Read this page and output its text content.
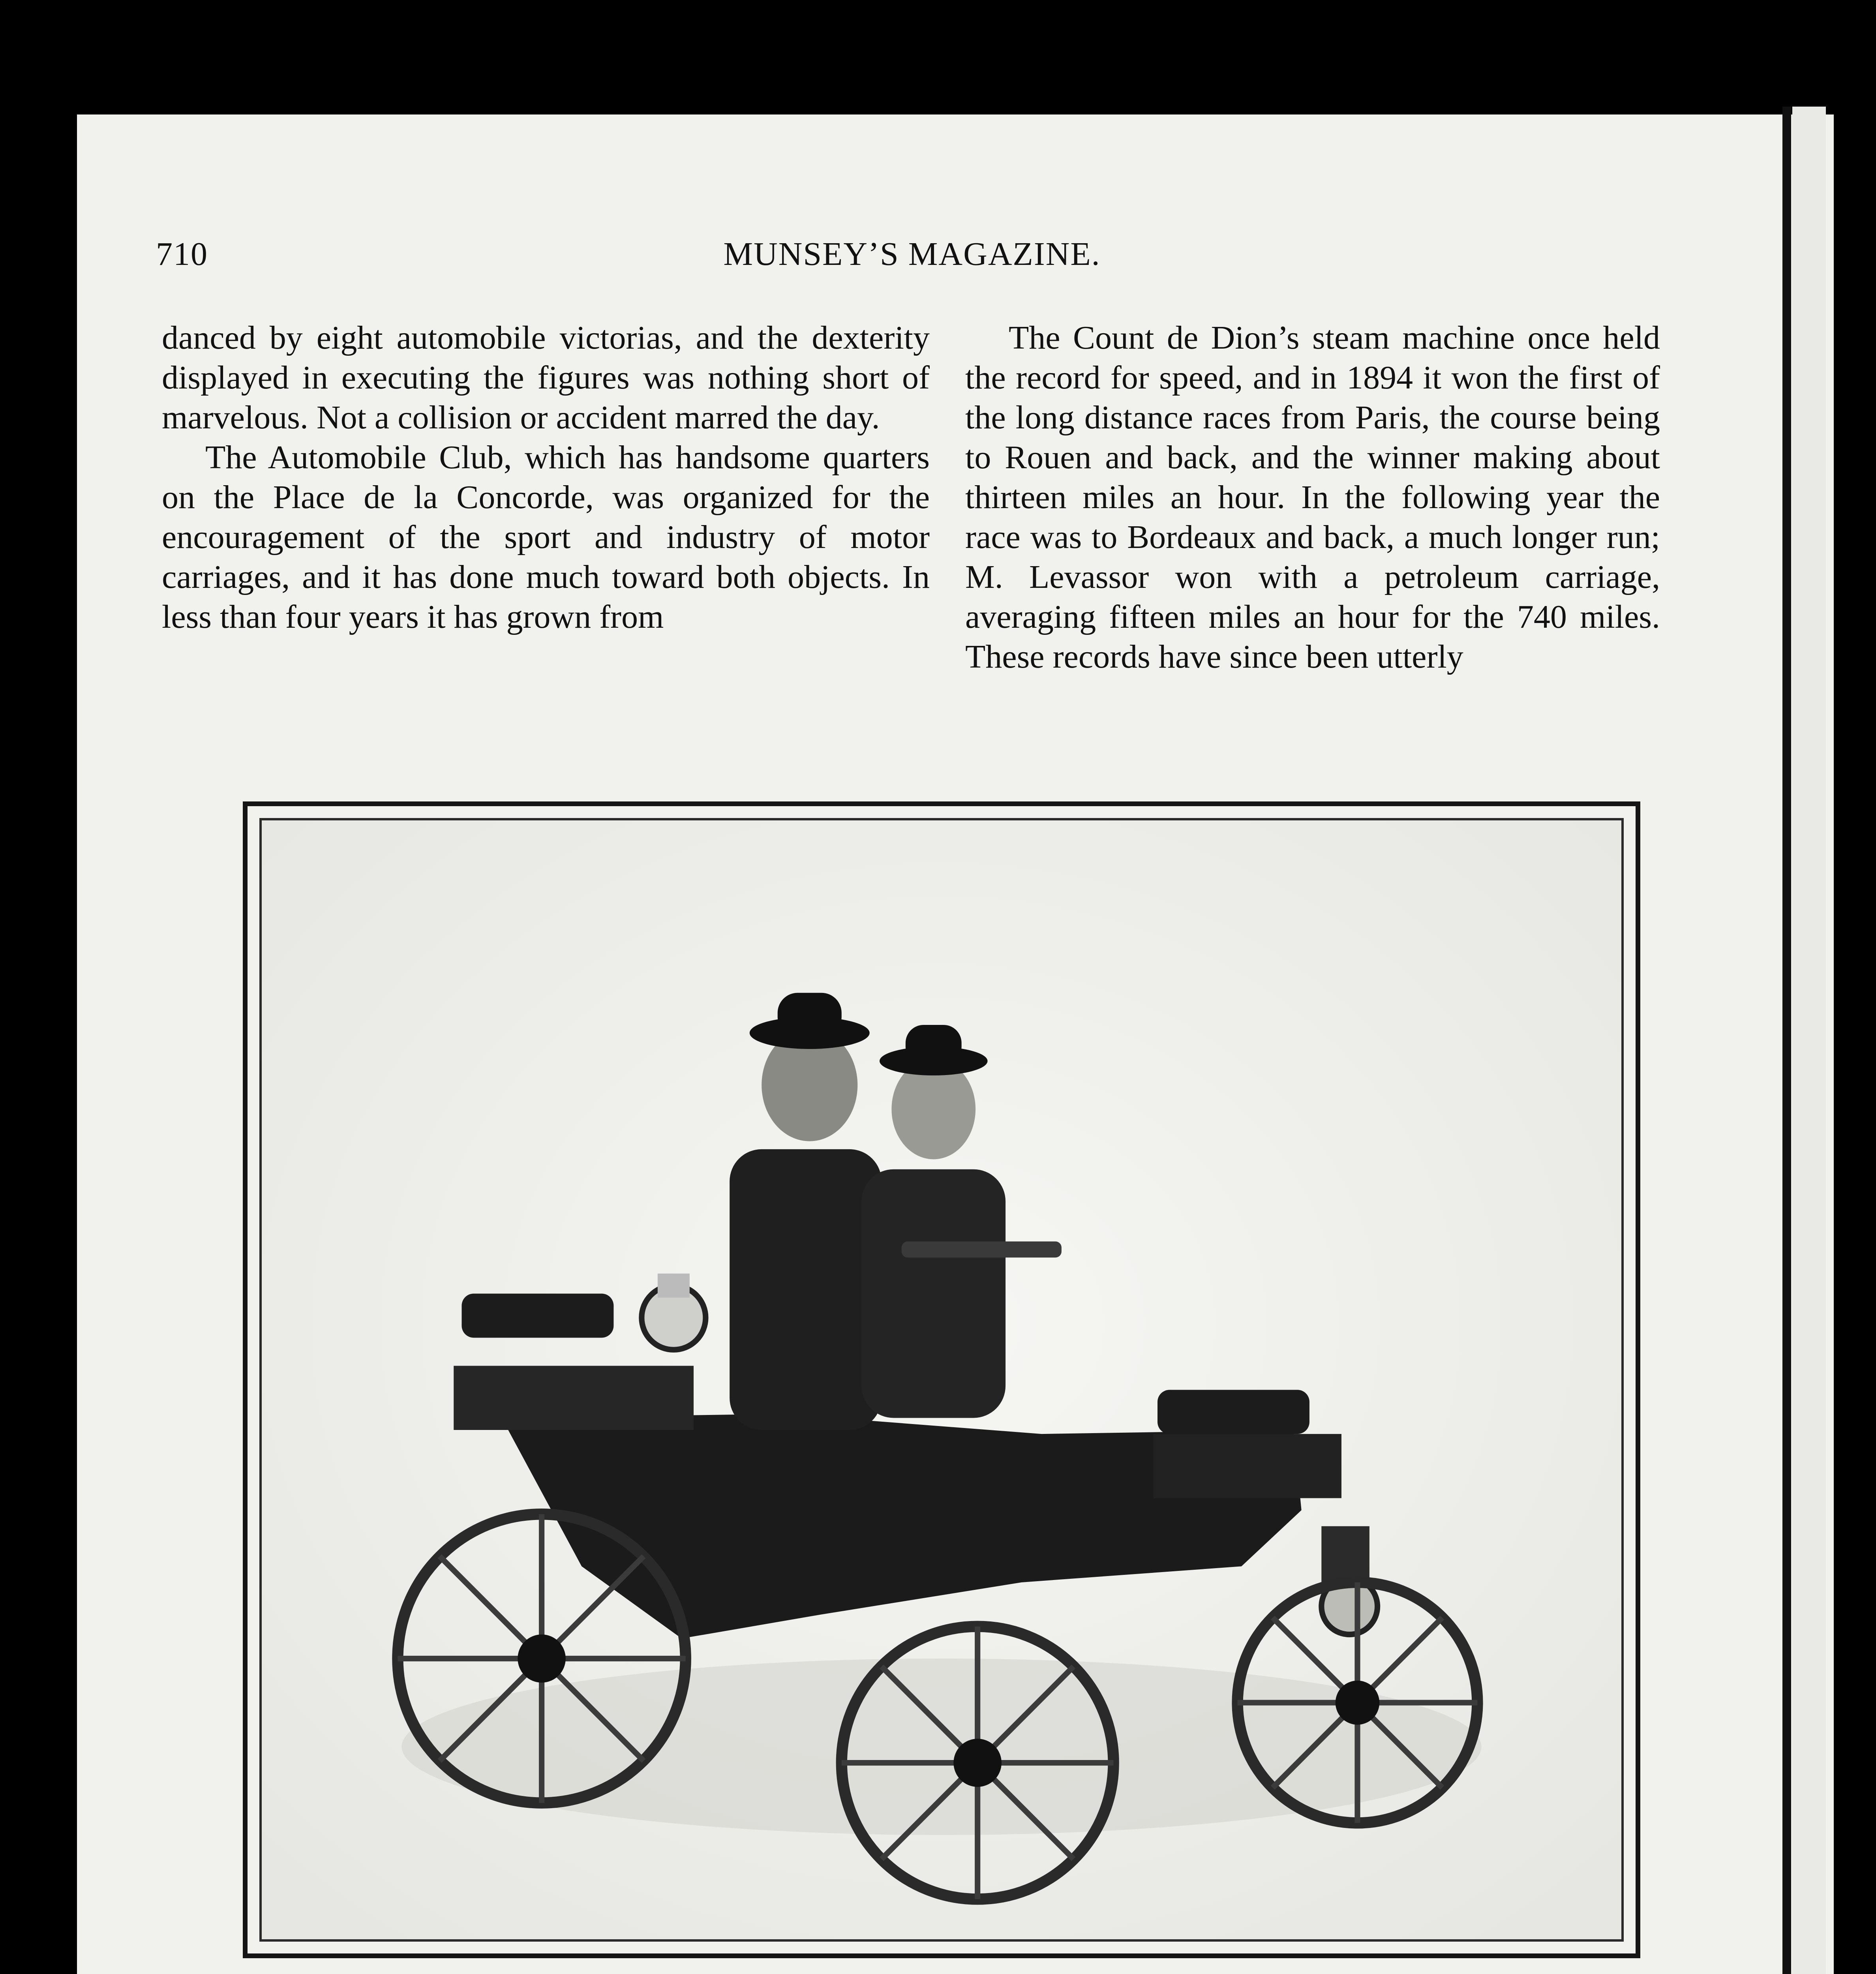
710	MUNSEY’S MAGAZINE.

danced by eight automobile victorias, and the dexterity displayed in executing the figures was nothing short of marvelous. Not a collision or accident marred the day.

The Automobile Club, which has handsome quarters on the Place de la Concorde, was organized for the encouragement of the sport and industry of motor carriages, and it has done much toward both objects. In less than four years it has grown from

The Count de Dion’s steam machine once held the record for speed, and in 1894 it won the first of the long distance races from Paris, the course being to Rouen and back, and the winner making about thirteen miles an hour. In the following year the race was to Bordeaux and back, a much longer run; M. Levassor won with a petroleum carriage, averaging fifteen miles an hour for the 740 miles. These records have since been utterly
